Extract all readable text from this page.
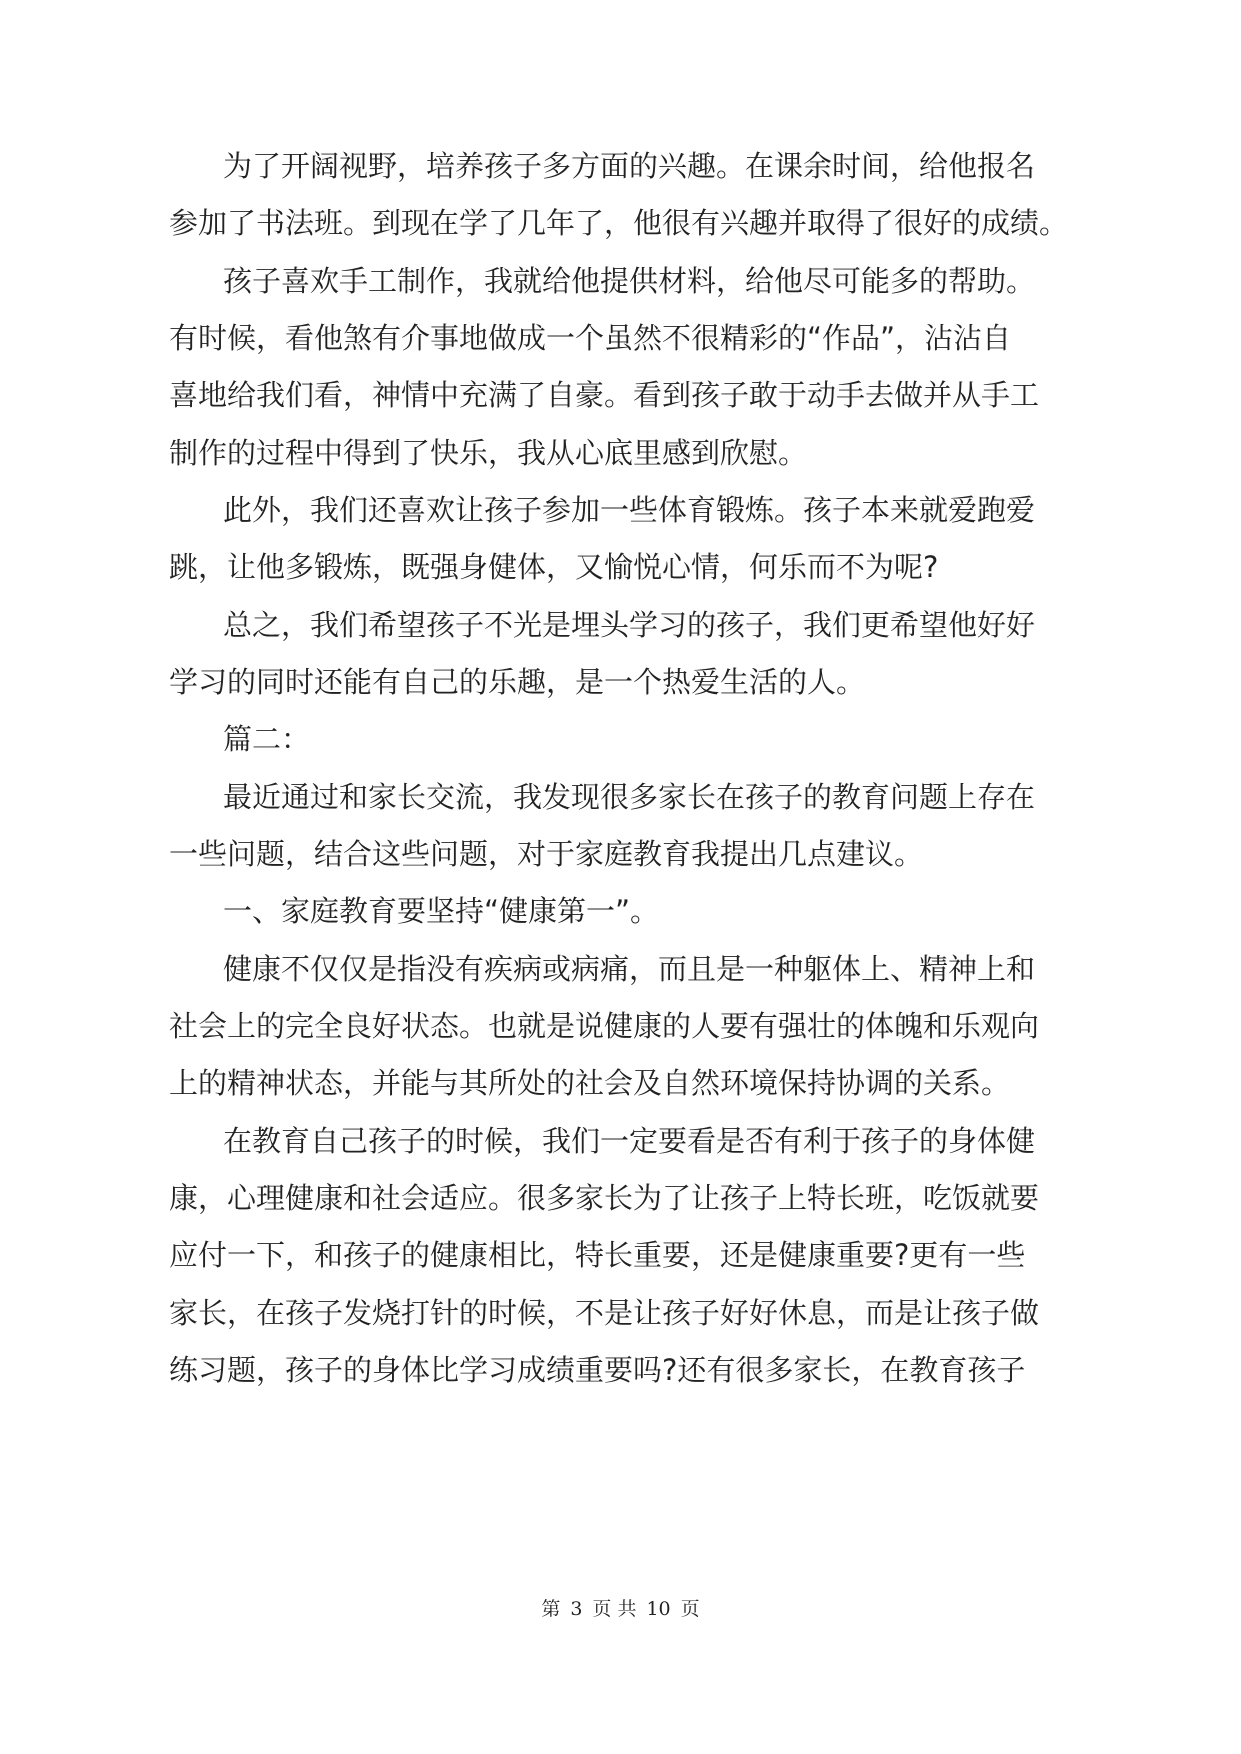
为了开阔视野，培养孩子多方面的兴趣。在课余时间，给他报名
参加了书法班。到现在学了几年了，他很有兴趣并取得了很好的成绩。
孩子喜欢手工制作，我就给他提供材料，给他尽可能多的帮助。
有时候，看他煞有介事地做成一个虽然不很精彩的“作品”，沾沾自
喜地给我们看，神情中充满了自豪。看到孩子敢于动手去做并从手工
制作的过程中得到了快乐，我从心底里感到欣慰。
此外，我们还喜欢让孩子参加一些体育锻炼。孩子本来就爱跑爱
跳，让他多锻炼，既强身健体，又愉悦心情，何乐而不为呢?
总之，我们希望孩子不光是埋头学习的孩子，我们更希望他好好
学习的同时还能有自己的乐趣，是一个热爱生活的人。
篇二：
最近通过和家长交流，我发现很多家长在孩子的教育问题上存在
一些问题，结合这些问题，对于家庭教育我提出几点建议。
一、家庭教育要坚持“健康第一”。
健康不仅仅是指没有疾病或病痛，而且是一种躯体上、精神上和
社会上的完全良好状态。也就是说健康的人要有强壮的体魄和乐观向
上的精神状态，并能与其所处的社会及自然环境保持协调的关系。
在教育自己孩子的时候，我们一定要看是否有利于孩子的身体健
康，心理健康和社会适应。很多家长为了让孩子上特长班，吃饭就要
应付一下，和孩子的健康相比，特长重要，还是健康重要?更有一些
家长，在孩子发烧打针的时候，不是让孩子好好休息，而是让孩子做
练习题，孩子的身体比学习成绩重要吗?还有很多家长，在教育孩子
第 3 页 共 10 页
